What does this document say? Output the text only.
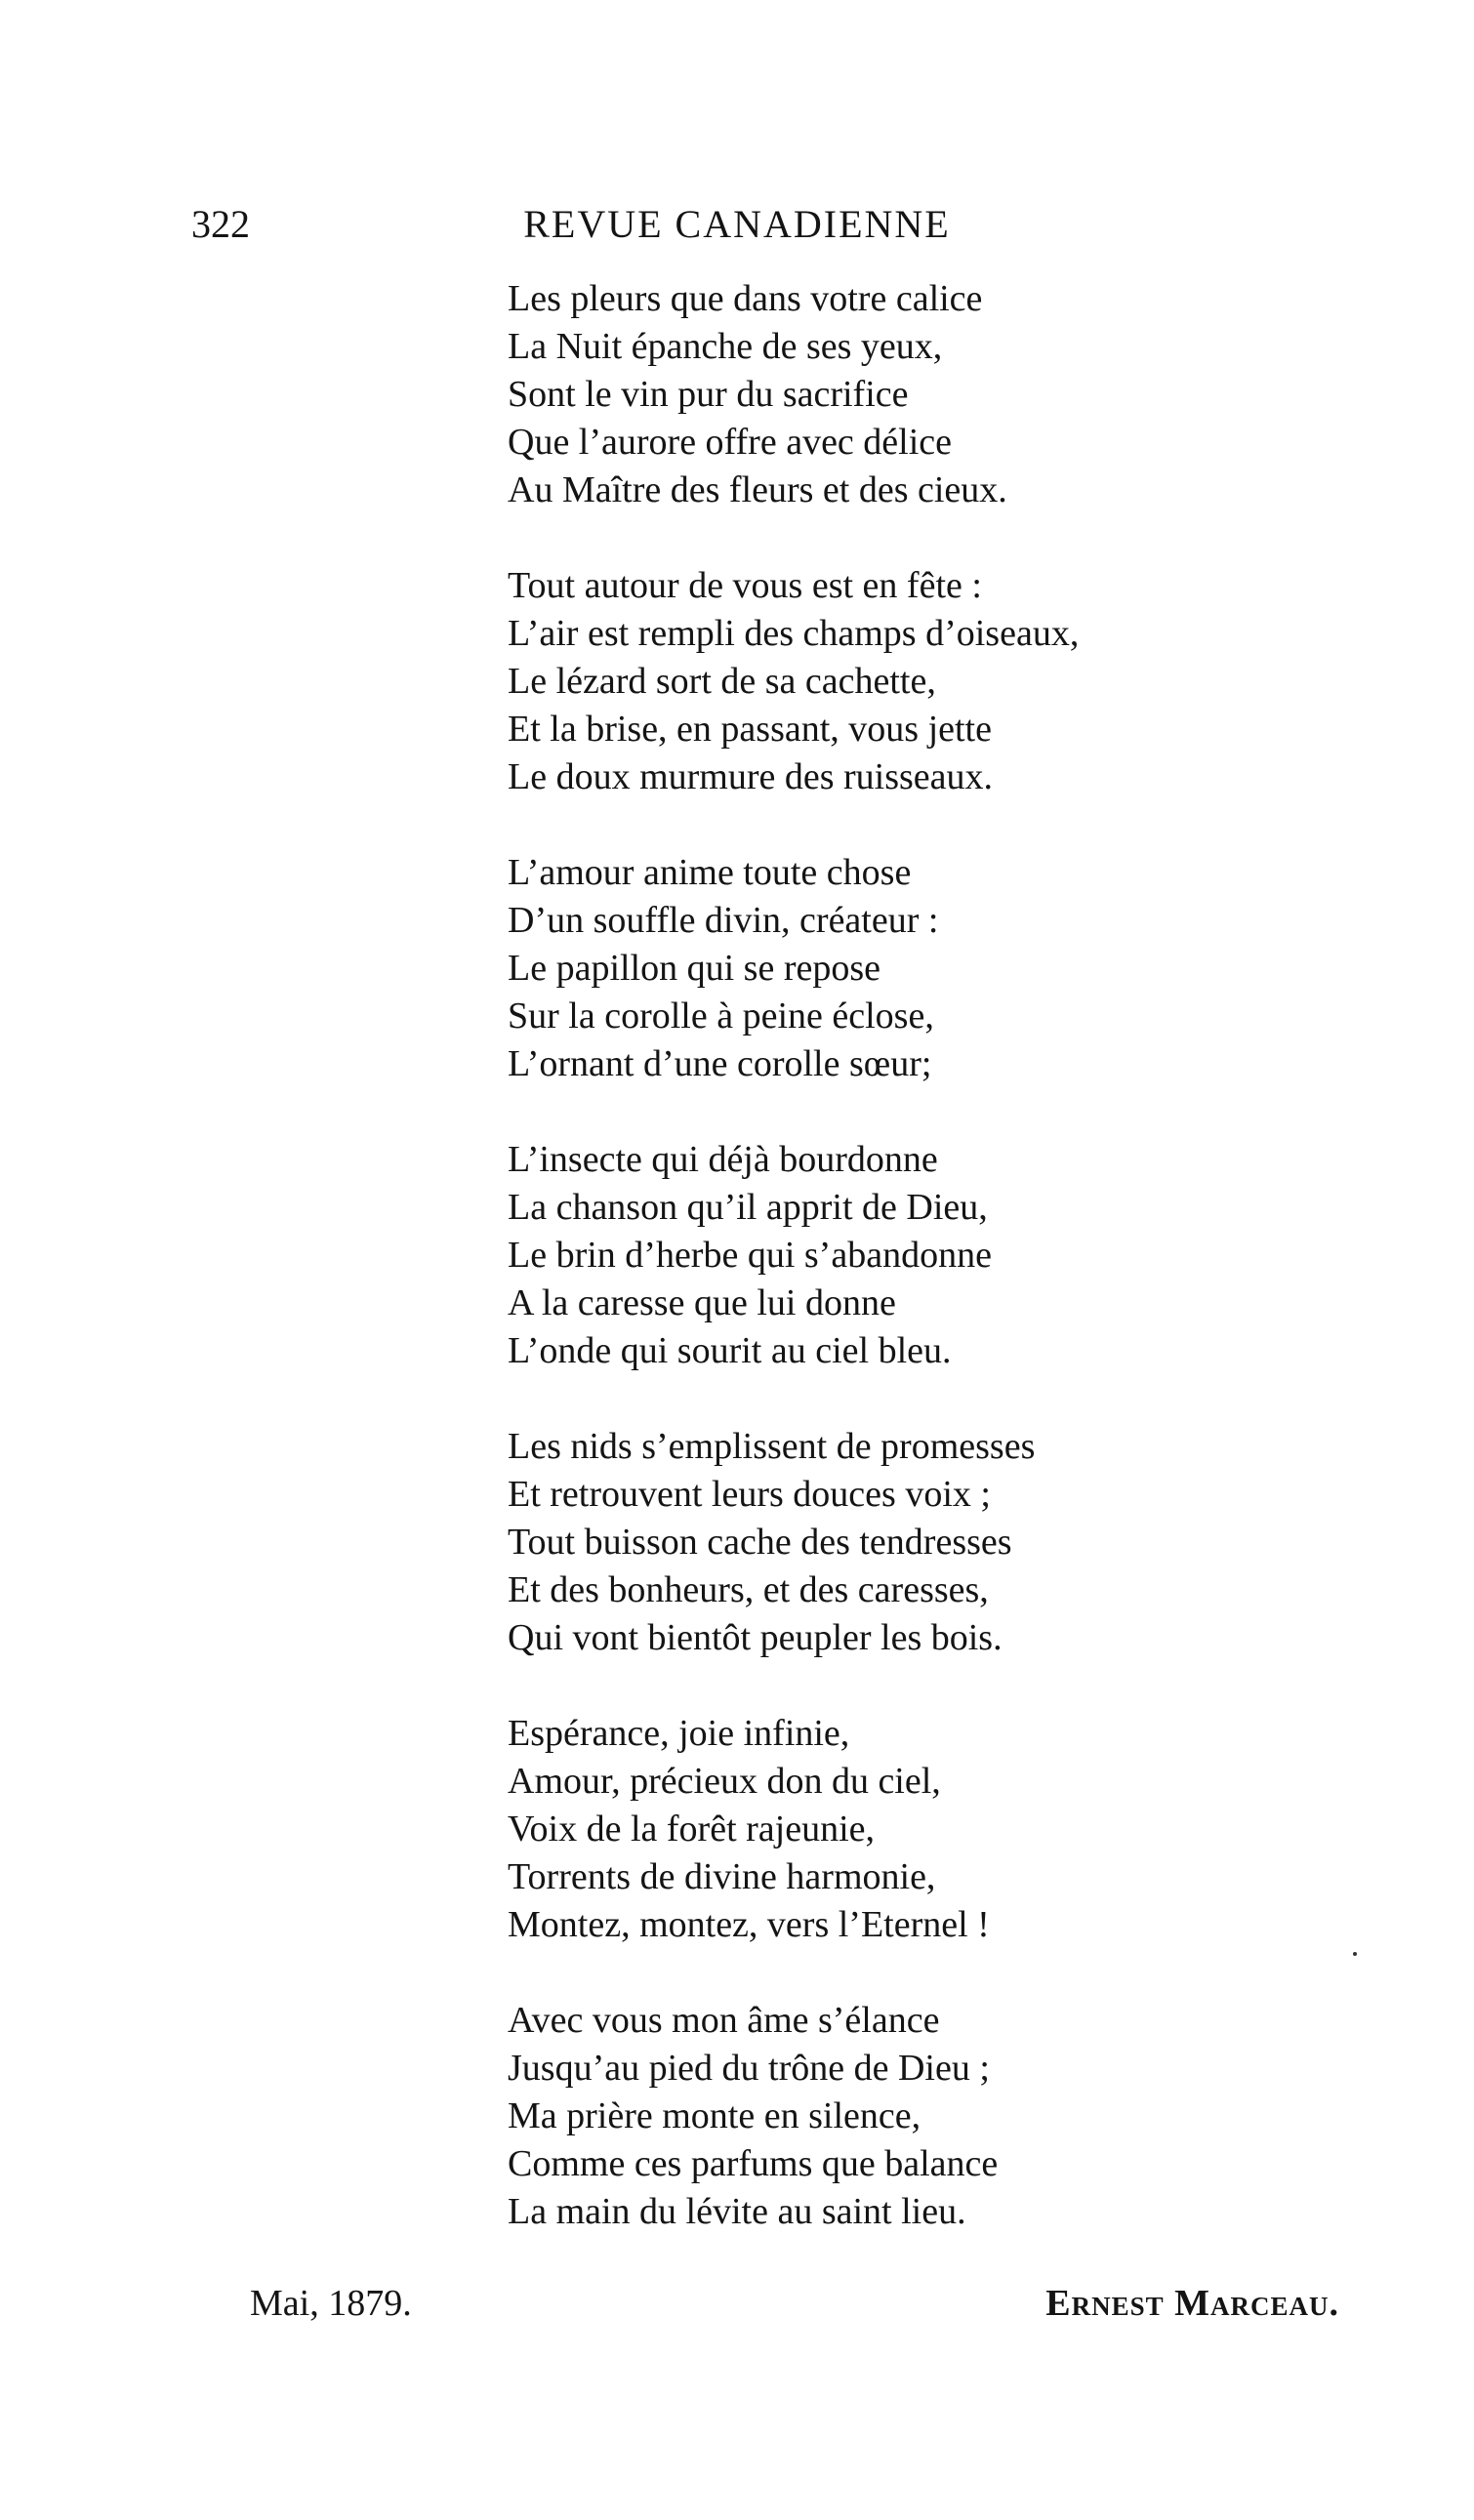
322	REVUE CANADIENNE
Les pleurs que dans votre calice
La Nuit épanche de ses yeux,
Sont le vin pur du sacrifice
Que l’aurore offre avec délice
Au Maître des fleurs et des cieux.
Tout autour de vous est en fête :
L’air est rempli des champs d’oiseaux,
Le lézard sort de sa cachette,
Et la brise, en passant, vous jette
Le doux murmure des ruisseaux.
L’amour anime toute chose
D’un souffle divin, créateur :
Le papillon qui se repose
Sur la corolle à peine éclose,
L’ornant d’une corolle sœur;
L’insecte qui déjà bourdonne
La chanson qu’il apprit de Dieu,
Le brin d’herbe qui s’abandonne
A la caresse que lui donne
L’onde qui sourit au ciel bleu.
Les nids s’emplissent de promesses
Et retrouvent leurs douces voix ;
Tout buisson cache des tendresses
Et des bonheurs, et des caresses,
Qui vont bientôt peupler les bois.
Espérance, joie infinie,
Amour, précieux don du ciel,
Voix de la forêt rajeunie,
Torrents de divine harmonie,
Montez, montez, vers l’Eternel !
Avec vous mon âme s’élance
Jusqu’au pied du trône de Dieu ;
Ma prière monte en silence,
Comme ces parfums que balance
La main du lévite au saint lieu.
Mai, 1879.	Ernest Marceau.
